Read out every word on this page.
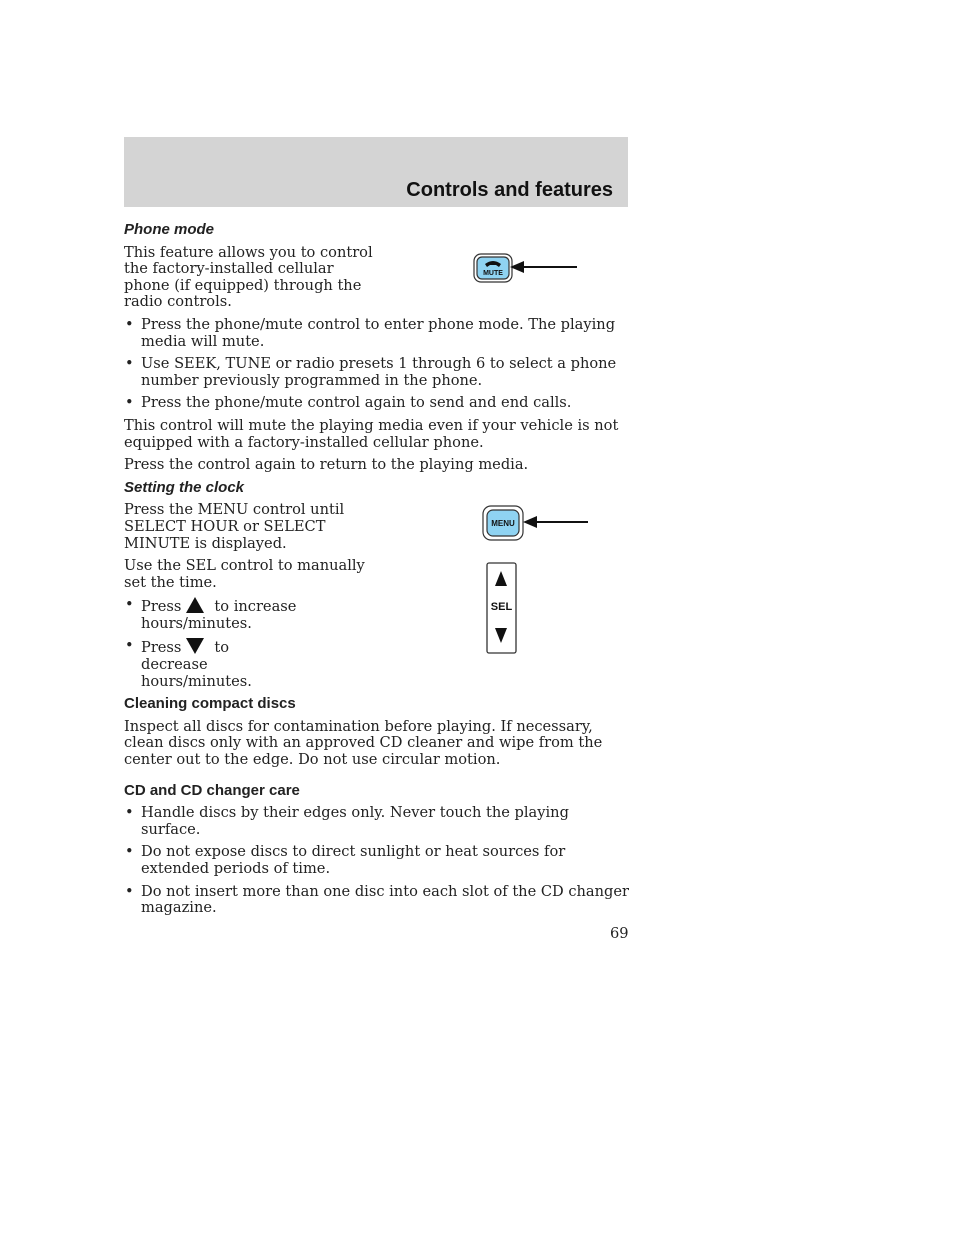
Controls and features
Phone mode

This feature allows you to control the factory-installed cellular phone (if equipped) through the radio controls.

• Press the phone/mute control to enter phone mode. The playing media will mute.
• Use SEEK, TUNE or radio presets 1 through 6 to select a phone number previously programmed in the phone.
• Press the phone/mute control again to send and end calls.

This control will mute the playing media even if your vehicle is not equipped with a factory-installed cellular phone.

Press the control again to return to the playing media.

Setting the clock

Press the MENU control until SELECT HOUR or SELECT MINUTE is displayed.

Use the SEL control to manually set the time.

• Press to increase hours/minutes.
• Press to decrease hours/minutes.
Cleaning compact discs

Inspect all discs for contamination before playing. If necessary, clean discs only with an approved CD cleaner and wipe from the center out to the edge. Do not use circular motion.

CD and CD changer care
• Handle discs by their edges only. Never touch the playing surface.
• Do not expose discs to direct sunlight or heat sources for extended periods of time.
• Do not insert more than one disc into each slot of the CD changer magazine.
MUTE
MENU
SEL
69
